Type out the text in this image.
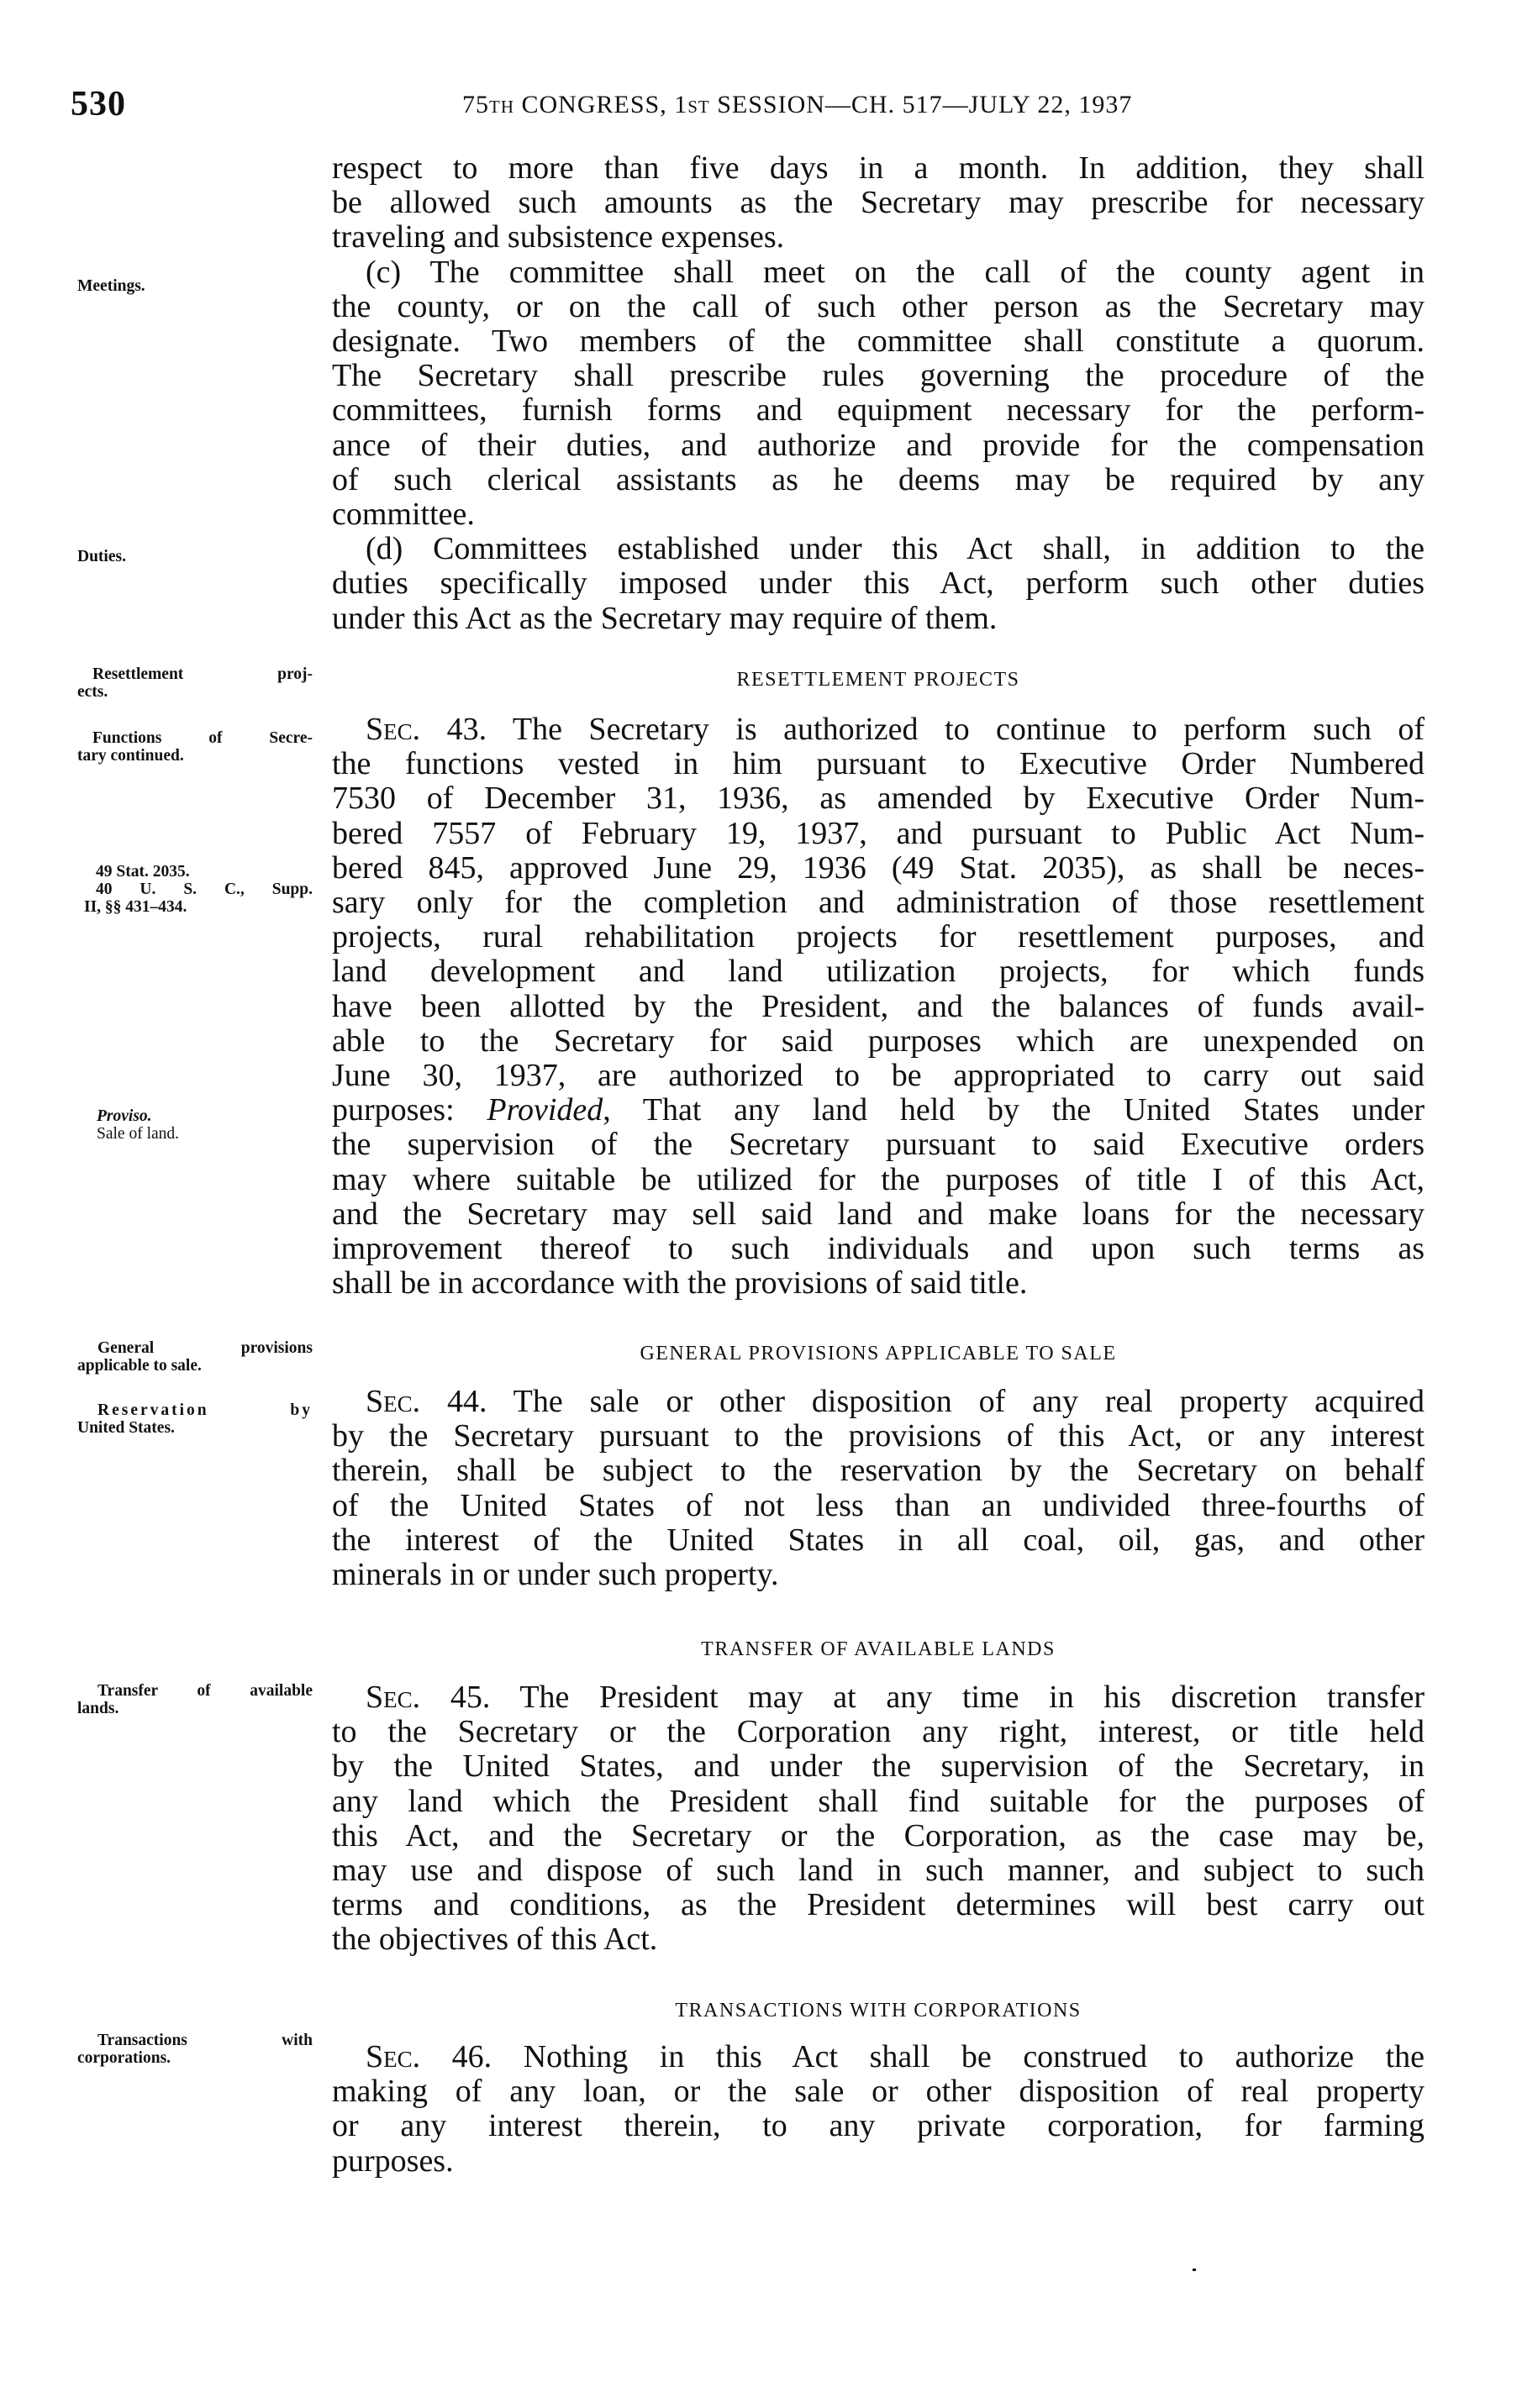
530	75TH CONGRESS, 1ST SESSION—CH. 517—JULY 22, 1937
Meetings.
Duties.
Resettlement proj-
ects.
Functions of Secre-
tary continued.
49 Stat. 2035.
40 U. S. C., Supp.
II, §§ 431–434.
Proviso.
Sale of land.
General provisions
applicable to sale.
Reservation by
United States.
Transfer of available
lands.
Transactions with
corporations.
respect to more than five days in a month. In addition, they shall
be allowed such amounts as the Secretary may prescribe for necessary
traveling and subsistence expenses.
(c) The committee shall meet on the call of the county agent in
the county, or on the call of such other person as the Secretary may
designate. Two members of the committee shall constitute a quorum.
The Secretary shall prescribe rules governing the procedure of the
committees, furnish forms and equipment necessary for the perform-
ance of their duties, and authorize and provide for the compensation
of such clerical assistants as he deems may be required by any
committee.
(d) Committees established under this Act shall, in addition to the
duties specifically imposed under this Act, perform such other duties
under this Act as the Secretary may require of them.
RESETTLEMENT PROJECTS
Sec. 43. The Secretary is authorized to continue to perform such of
the functions vested in him pursuant to Executive Order Numbered
7530 of December 31, 1936, as amended by Executive Order Num-
bered 7557 of February 19, 1937, and pursuant to Public Act Num-
bered 845, approved June 29, 1936 (49 Stat. 2035), as shall be neces-
sary only for the completion and administration of those resettlement
projects, rural rehabilitation projects for resettlement purposes, and
land development and land utilization projects, for which funds
have been allotted by the President, and the balances of funds avail-
able to the Secretary for said purposes which are unexpended on
June 30, 1937, are authorized to be appropriated to carry out said
purposes: Provided, That any land held by the United States under
the supervision of the Secretary pursuant to said Executive orders
may where suitable be utilized for the purposes of title I of this Act,
and the Secretary may sell said land and make loans for the necessary
improvement thereof to such individuals and upon such terms as
shall be in accordance with the provisions of said title.
GENERAL PROVISIONS APPLICABLE TO SALE
Sec. 44. The sale or other disposition of any real property acquired
by the Secretary pursuant to the provisions of this Act, or any interest
therein, shall be subject to the reservation by the Secretary on behalf
of the United States of not less than an undivided three-fourths of
the interest of the United States in all coal, oil, gas, and other
minerals in or under such property.
TRANSFER OF AVAILABLE LANDS
Sec. 45. The President may at any time in his discretion transfer
to the Secretary or the Corporation any right, interest, or title held
by the United States, and under the supervision of the Secretary, in
any land which the President shall find suitable for the purposes of
this Act, and the Secretary or the Corporation, as the case may be,
may use and dispose of such land in such manner, and subject to such
terms and conditions, as the President determines will best carry out
the objectives of this Act.
TRANSACTIONS WITH CORPORATIONS
Sec. 46. Nothing in this Act shall be construed to authorize the
making of any loan, or the sale or other disposition of real property
or any interest therein, to any private corporation, for farming
purposes.
